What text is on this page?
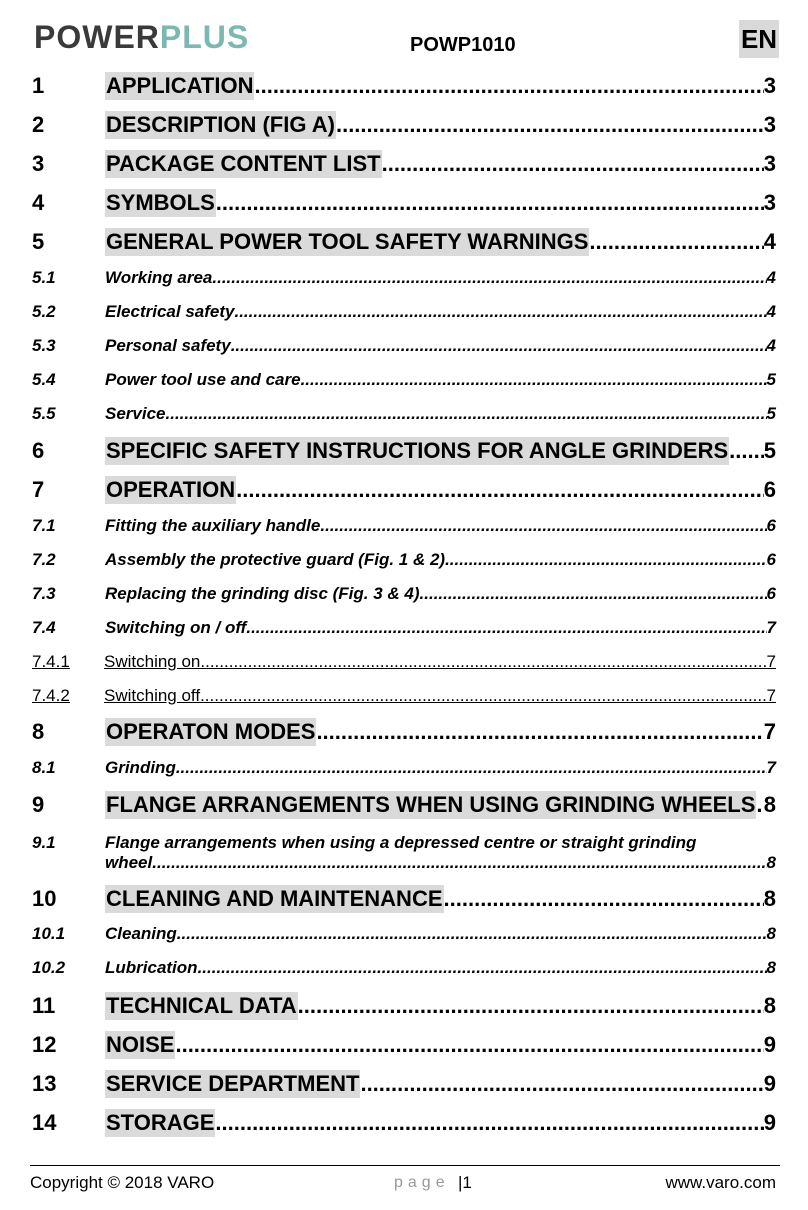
POWERPLUS	POWP1010	EN
1	APPLICATION .....	3
2	DESCRIPTION (FIG A) .....	3
3	PACKAGE CONTENT LIST .....	3
4	SYMBOLS .....	3
5	GENERAL POWER TOOL SAFETY WARNINGS .....	4
5.1	Working area .....	4
5.2	Electrical safety .....	4
5.3	Personal safety .....	4
5.4	Power tool use and care .....	5
5.5	Service .....	5
6	SPECIFIC SAFETY INSTRUCTIONS FOR ANGLE GRINDERS ..... 5
7	OPERATION .....	6
7.1	Fitting the auxiliary handle .....	6
7.2	Assembly the protective guard (Fig. 1 & 2) .....	6
7.3	Replacing the grinding disc (Fig. 3 & 4) .....	6
7.4	Switching on / off .....	7
7.4.1	Switching on .....	7
7.4.2	Switching off .....	7
8	OPERATON MODES .....	7
8.1	Grinding .....	7
9	FLANGE ARRANGEMENTS WHEN USING GRINDING WHEELS ..... 8
9.1	Flange arrangements when using a depressed centre or straight grinding
wheel .....	8
10	CLEANING AND MAINTENANCE .....	8
10.1	Cleaning .....	8
10.2	Lubrication .....	8
11	TECHNICAL DATA .....	8
12	NOISE .....	9
13	SERVICE DEPARTMENT .....	9
14	STORAGE .....	9
Copyright © 2018 VARO	page |1	www.varo.com
